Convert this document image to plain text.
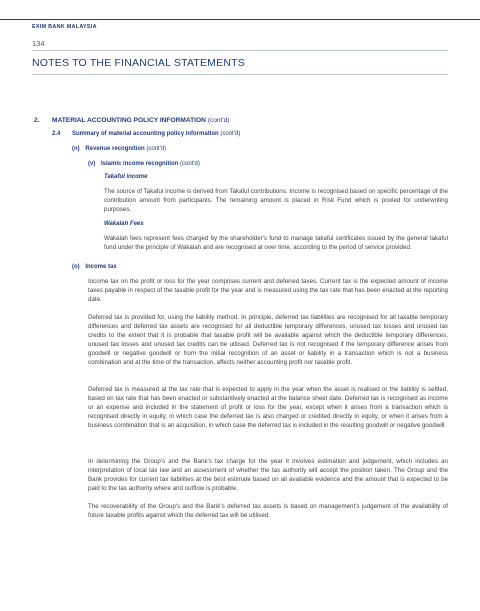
EXIM BANK MALAYSIA
134
NOTES TO THE FINANCIAL STATEMENTS
2. MATERIAL ACCOUNTING POLICY INFORMATION (cont'd)
2.4 Summary of material accounting policy information (cont'd)
(n) Revenue recognition (cont'd)
(v) Islamic income recognition (cont'd)
Takaful income
The source of Takaful income is derived from Takaful contributions. Income is recognised based on specific percentage of the contribution amount from participants. The remaining amount is placed in Risk Fund which is pooled for underwriting purposes.
Wakalah Fees
Wakalah fees represent fees charged by the shareholder's fund to manage takaful certificates issued by the general takaful fund under the principle of Wakalah and are recognised at over time, according to the period of service provided.
(o) Income tax
Income tax on the profit or loss for the year comprises current and deferred taxes. Current tax is the expected amount of income taxes payable in respect of the taxable profit for the year and is measured using the tax rate that has been enacted at the reporting date.
Deferred tax is provided for, using the liability method. In principle, deferred tax liabilities are recognised for all taxable temporary differences and deferred tax assets are recognised for all deductible temporary differences, unused tax losses and unused tax credits to the extent that it is probable that taxable profit will be available against which the deductible temporary differences, unused tax losses and unused tax credits can be utilised. Deferred tax is not recognised if the temporary difference arises from goodwill or negative goodwill or from the initial recognition of an asset or liability in a transaction which is not a business combination and at the time of the transaction, affects neither accounting profit nor taxable profit.
Deferred tax is measured at the tax rate that is expected to apply in the year when the asset is realised or the liability is settled, based on tax rate that has been enacted or substantively enacted at the balance sheet date. Deferred tax is recognised as income or an expense and included in the statement of profit or loss for the year, except when it arises from a transaction which is recognised directly in equity, in which case the deferred tax is also charged or credited directly in equity, or when it arises from a business combination that is an acquisition, in which case the deferred tax is included in the resulting goodwill or negative goodwill.
In determining the Group's and the Bank's tax charge for the year it involves estimation and judgement, which includes an interpretation of local tax law and an assessment of whether the tax authority will accept the position taken. The Group and the Bank provides for current tax liabilities at the best estimate based on all available evidence and the amount that is expected to be paid to the tax authority where and outflow is probable.
The recoverability of the Group's and the Bank's deferred tax assets is based on management's judgement of the availability of future taxable profits against which the deferred tax will be utilised.
